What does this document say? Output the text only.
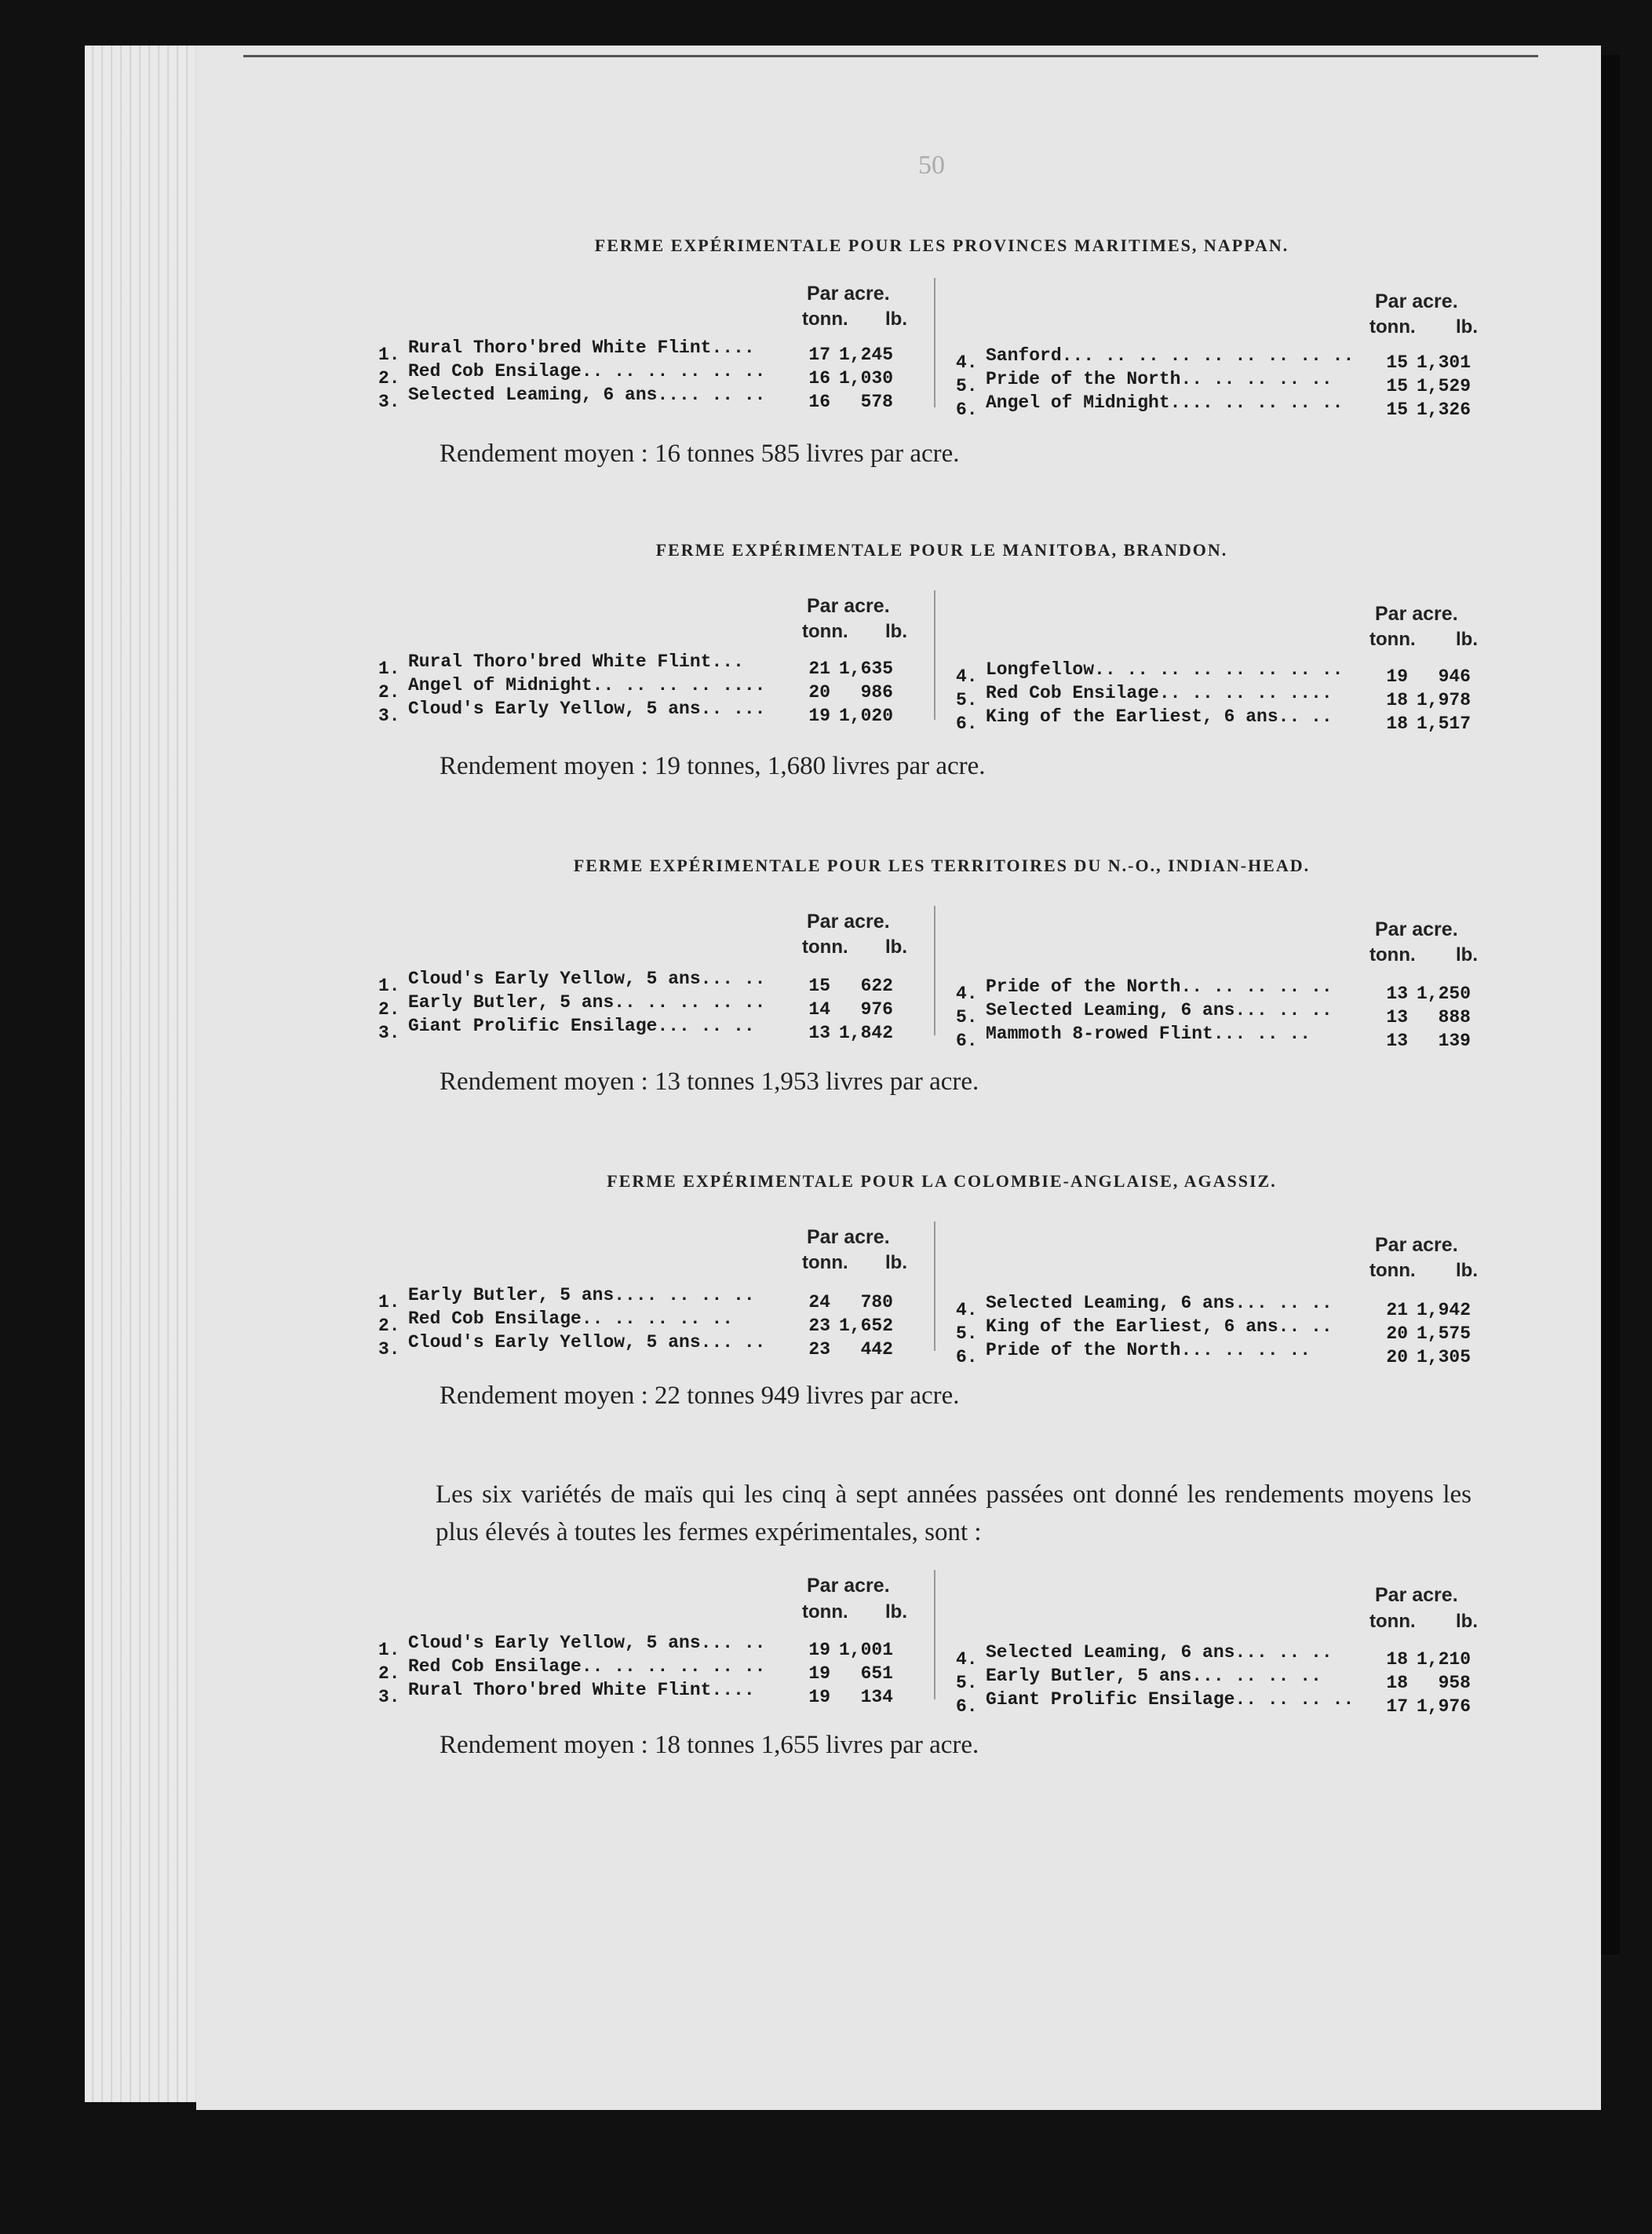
50
FERME EXPÉRIMENTALE POUR LES PROVINCES MARITIMES, NAPPAN.
Par acre.
tonn. lb.
Par acre.
tonn. lb.
1. Rural Thoro'bred White Flint....	17 1,245
2. Red Cob Ensilage.. .. .. .. .. .. 16 1,030
3. Selected Leaming, 6 ans.... .. .. 16 578
4. Sanford... .. .. .. .. .. .. .. .. 15 1,301
5. Pride of the North.. .. .. .. ..	15 1,529
6. Angel of Midnight.... .. .. .. .. 15 1,326
Rendement moyen : 16 tonnes 585 livres par acre.
FERME EXPÉRIMENTALE POUR LE MANITOBA, BRANDON.
Par acre.
tonn. lb.
Par acre.
tonn. lb.
1. Rural Thoro'bred White Flint...	21 1,635
2. Angel of Midnight.. .. .. .. .... 20 986
3. Cloud's Early Yellow, 5 ans.. ... 19 1,020
4. Longfellow.. .. .. .. .. .. .. .. 19 946
5. Red Cob Ensilage.. .. .. .. ....	18 1,978
6. King of the Earliest, 6 ans.. ..	18 1,517
Rendement moyen : 19 tonnes, 1,680 livres par acre.
FERME EXPÉRIMENTALE POUR LES TERRITOIRES DU N.-O., INDIAN-HEAD.
Par acre.
tonn. lb.
Par acre.
tonn. lb.
1. Cloud's Early Yellow, 5 ans... .. 15 622
2. Early Butler, 5 ans.. .. .. .. .. 14 976
3. Giant Prolific Ensilage... .. ..	13 1,842
4. Pride of the North.. .. .. .. ..	13 1,250
5. Selected Leaming, 6 ans... .. ..	13 888
6. Mammoth 8-rowed Flint... .. ..	13 139
Rendement moyen : 13 tonnes 1,953 livres par acre.
FERME EXPÉRIMENTALE POUR LA COLOMBIE-ANGLAISE, AGASSIZ.
Par acre.
tonn. lb.
Par acre.
tonn. lb.
1. Early Butler, 5 ans.... .. .. ..	24 780
2. Red Cob Ensilage.. .. .. .. ..	23 1,652
3. Cloud's Early Yellow, 5 ans... .. 23 442
4. Selected Leaming, 6 ans... .. ..	21 1,942
5. King of the Earliest, 6 ans.. ..	20 1,575
6. Pride of the North... .. .. ..	20 1,305
Rendement moyen : 22 tonnes 949 livres par acre.
Par acre.
tonn. lb.
Par acre.
tonn. lb.
1. Cloud's Early Yellow, 5 ans... .. 19 1,001
2. Red Cob Ensilage.. .. .. .. .. .. 19 651
3. Rural Thoro'bred White Flint....	19 134
4. Selected Leaming, 6 ans... .. ..	18 1,210
5. Early Butler, 5 ans... .. .. ..	18 958
6. Giant Prolific Ensilage.. .. .. .. 17 1,976
Rendement moyen : 18 tonnes 1,655 livres par acre.
Les six variétés de maïs qui les cinq à sept années passées ont donné les rendements moyens les plus élevés à toutes les fermes expérimentales, sont :
